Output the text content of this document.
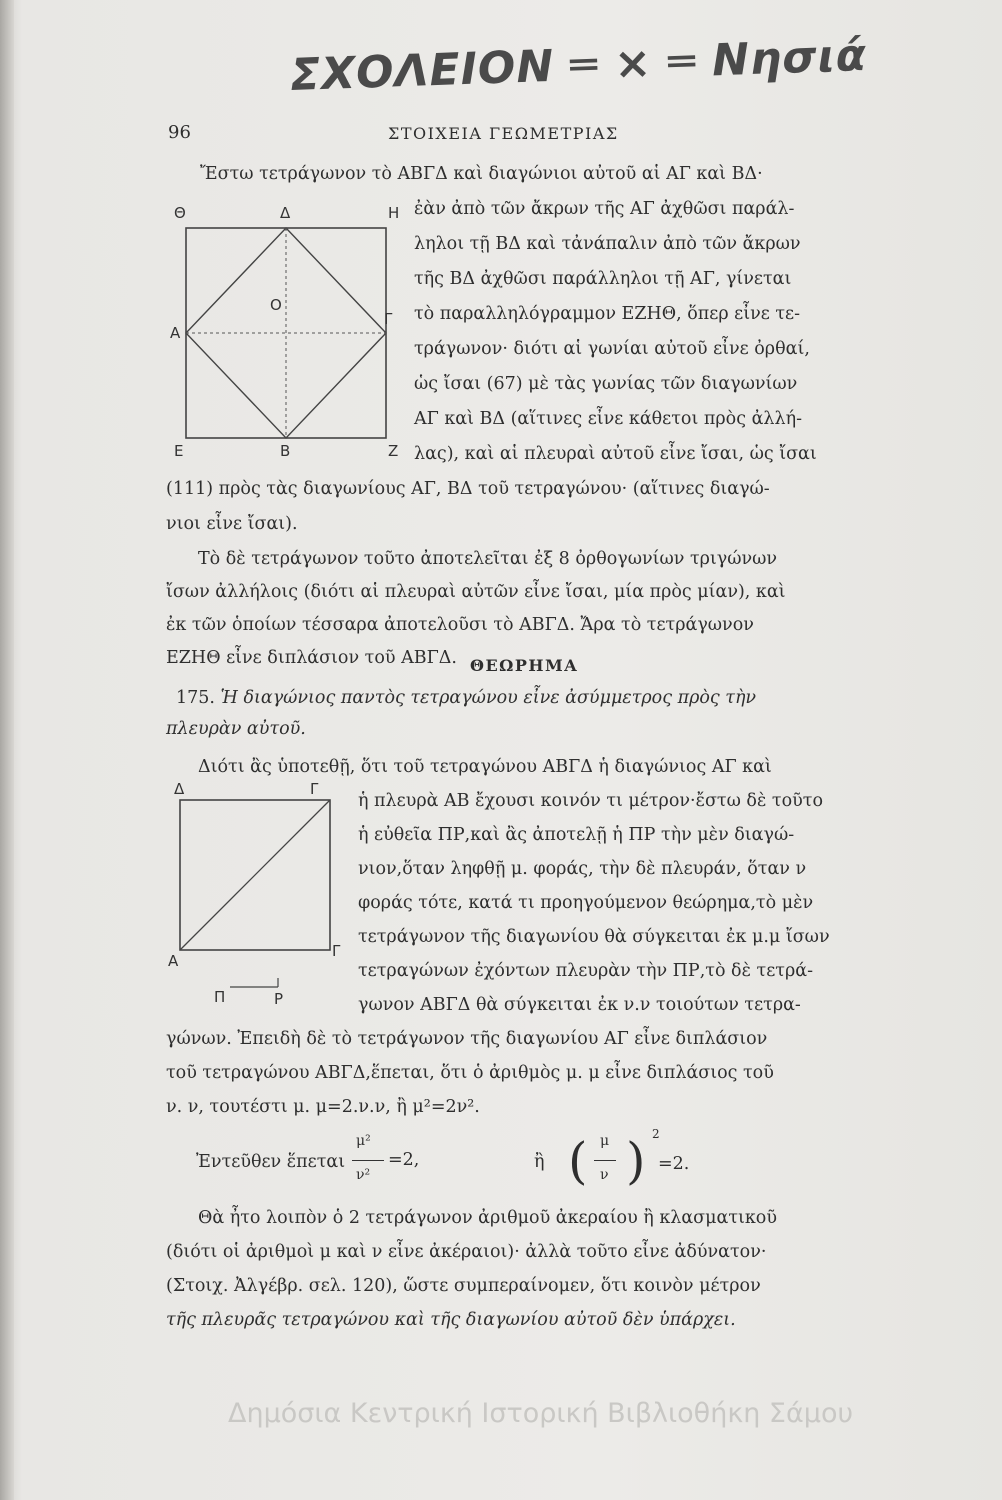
ΣΧΟΛΕΙΟΝ ═ × ═ Νησιά
96	ΣΤΟΙΧΕΙΑ ΓΕΩΜΕΤΡΙΑΣ
Θ	Δ	Η
Α
Γ
Ε	Β	Ζ
Ο
Ἔστω τετράγωνον τὸ ΑΒΓΔ καὶ διαγώνιοι αὐτοῦ αἱ ΑΓ καὶ ΒΔ·
ἐὰν ἀπὸ τῶν ἄκρων τῆς ΑΓ ἀχθῶσι παράλ-
ληλοι τῇ ΒΔ καὶ τἀνάπαλιν ἀπὸ τῶν ἄκρων
τῆς ΒΔ ἀχθῶσι παράλληλοι τῇ ΑΓ, γίνεται
τὸ παραλληλόγραμμον ΕΖΗΘ, ὅπερ εἶνε τε-
τράγωνον· διότι αἱ γωνίαι αὐτοῦ εἶνε ὀρθαί,
ὡς ἴσαι (67) μὲ τὰς γωνίας τῶν διαγωνίων
ΑΓ καὶ ΒΔ (αἵτινες εἶνε κάθετοι πρὸς ἀλλή-
λας), καὶ αἱ πλευραὶ αὐτοῦ εἶνε ἴσαι, ὡς ἴσαι
(111) πρὸς τὰς διαγωνίους ΑΓ, ΒΔ τοῦ τετραγώνου· (αἵτινες διαγώ-
νιοι εἶνε ἴσαι).
Τὸ δὲ τετράγωνον τοῦτο ἀποτελεῖται ἐξ 8 ὀρθογωνίων τριγώνων
ἴσων ἀλλήλοις (διότι αἱ πλευραὶ αὐτῶν εἶνε ἴσαι, μία πρὸς μίαν), καὶ
ἐκ τῶν ὁποίων τέσσαρα ἀποτελοῦσι τὸ ΑΒΓΔ. Ἄρα τὸ τετράγωνον
ΕΖΗΘ εἶνε διπλάσιον τοῦ ΑΒΓΔ. ΘΕΩΡΗΜΑ
175. Ἡ διαγώνιος παντὸς τετραγώνου εἶνε ἀσύμμετρος πρὸς τὴν
πλευρὰν αὐτοῦ.
Δ	Γ
Α
Γ
Π	Ρ
Διότι ἂς ὑποτεθῇ, ὅτι τοῦ τετραγώνου ΑΒΓΔ ἡ διαγώνιος ΑΓ καὶ
ἡ πλευρὰ ΑΒ ἔχουσι κοινόν τι μέτρον·ἔστω δὲ τοῦτο
ἡ εὐθεῖα ΠΡ,καὶ ἂς ἀποτελῇ ἡ ΠΡ τὴν μὲν διαγώ-
νιον,ὅταν ληφθῇ μ. φοράς, τὴν δὲ πλευράν, ὅταν ν
φοράς τότε, κατά τι προηγούμενον θεώρημα,τὸ μὲν
τετράγωνον τῆς διαγωνίου θὰ σύγκειται ἐκ μ.μ ἴσων
τετραγώνων ἐχόντων πλευρὰν τὴν ΠΡ,τὸ δὲ τετρά-
γωνον ΑΒΓΔ θὰ σύγκειται ἐκ ν.ν τοιούτων τετρα-
γώνων. Ἐπειδὴ δὲ τὸ τετράγωνον τῆς διαγωνίου ΑΓ εἶνε διπλάσιον
τοῦ τετραγώνου ΑΒΓΔ,ἕπεται, ὅτι ὁ ἀριθμὸς μ. μ εἶνε διπλάσιος τοῦ
ν. ν, τουτέστι μ. μ=2.ν.ν, ἢ μ²=2ν².
Ἐντεῦθεν ἕπεται
μ²
ν²
=2,	ἢ ( μ
ν ) 2
=2.
Θὰ ἦτο λοιπὸν ὁ 2 τετράγωνον ἀριθμοῦ ἀκεραίου ἢ κλασματικοῦ
(διότι οἱ ἀριθμοὶ μ καὶ ν εἶνε ἀκέραιοι)· ἀλλὰ τοῦτο εἶνε ἀδύνατον·
(Στοιχ. Ἀλγέβρ. σελ. 120), ὥστε συμπεραίνομεν, ὅτι κοινὸν μέτρον
τῆς πλευρᾶς τετραγώνου καὶ τῆς διαγωνίου αὐτοῦ δὲν ὑπάρχει.
Δημόσια Κεντρική Ιστορική Βιβλιοθήκη Σάμου
